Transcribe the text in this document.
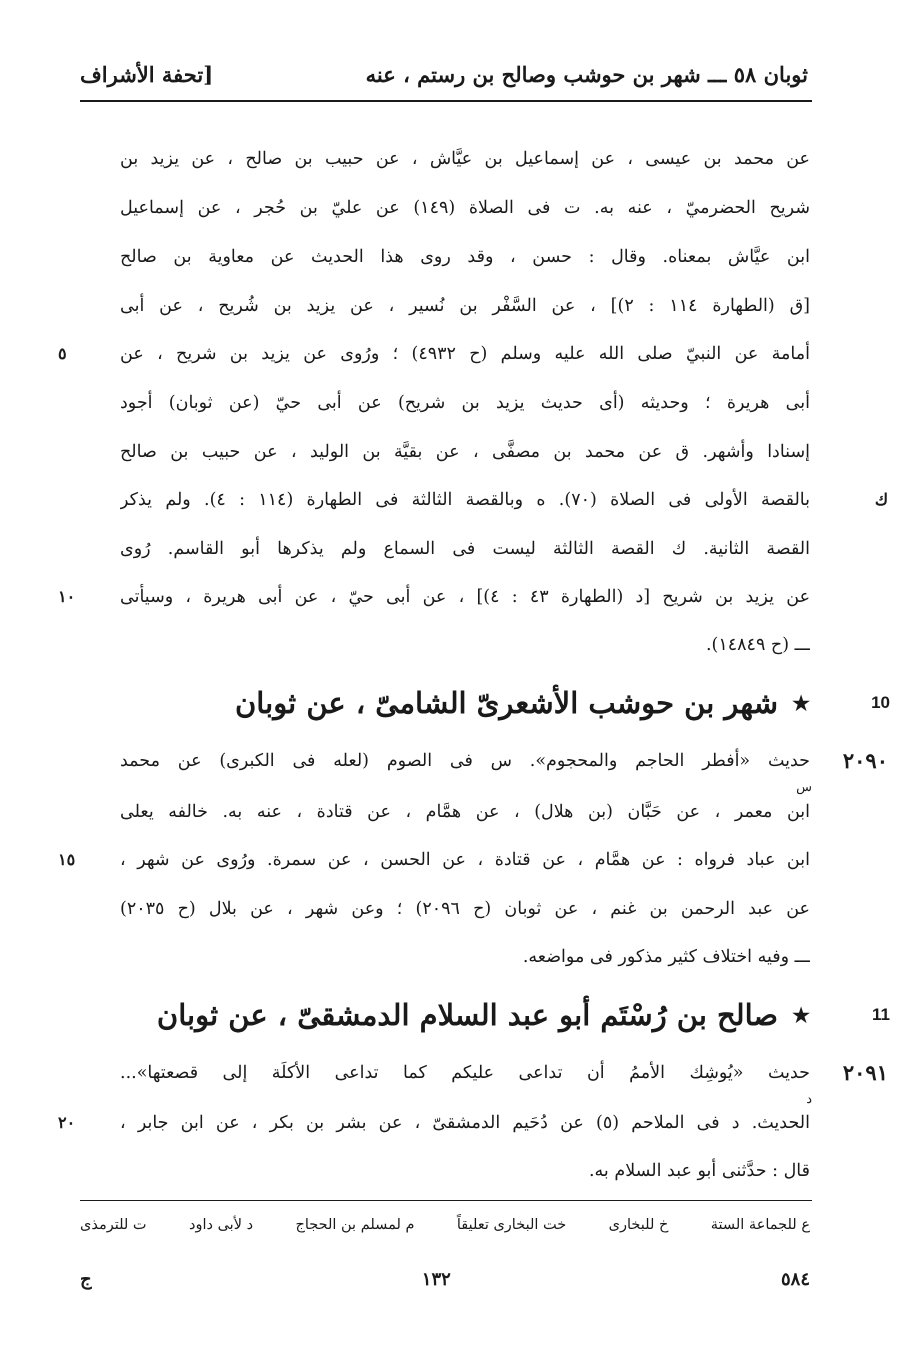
ثوبان ٥٨ ـــ شهر بن حوشب وصالح بن رستم ، عنه
[تحفة الأشراف
عن محمد بن عيسى ، عن إسماعيل بن عيَّاش ، عن حبيب بن صالح ، عن يزيد بن
شريح الحضرميّ ، عنه به. ت فى الصلاة (١٤٩) عن عليّ بن حُجر ، عن إسماعيل
ابن عيَّاش بمعناه. وقال : حسن ، وقد روى هذا الحديث عن معاوية بن صالح
[ق (الطهارة ١١٤ : ٢)] ، عن السَّفْر بن نُسير ، عن يزيد بن شُريح ، عن أبى
أمامة عن النبيّ صلى الله عليه وسلم (ح ٤٩٣٢) ؛ ورُوى عن يزيد بن شريح ، عن
أبى هريرة ؛ وحديثه (أى حديث يزيد بن شريح) عن أبى حيّ (عن ثوبان) أجود
إسنادا وأشهر. ق عن محمد بن مصفَّى ، عن بقيَّة بن الوليد ، عن حبيب بن صالح
بالقصة الأولى فى الصلاة (٧٠). ه وبالقصة الثالثة فى الطهارة (١١٤ : ٤). ولم يذكر
القصة الثانية. ك القصة الثالثة ليست فى السماع ولم يذكرها أبو القاسم. رُوى
عن يزيد بن شريح [د (الطهارة ٤٣ : ٤)] ، عن أبى حيّ ، عن أبى هريرة ، وسيأتى
ـــ (ح ١٤٨٤٩).
٥
١٠
ك
10
★
شهر بن حوشب الأشعرىّ الشامىّ ، عن ثوبان
٢٠٩٠
س
حديث «أفطر الحاجم والمحجوم». س فى الصوم (لعله فى الكبرى) عن محمد
ابن معمر ، عن حَبَّان (بن هلال) ، عن همَّام ، عن قتادة ، عنه به. خالفه يعلى
ابن عباد فرواه : عن همَّام ، عن قتادة ، عن الحسن ، عن سمرة. ورُوى عن شهر ،
عن عبد الرحمن بن غنم ، عن ثوبان (ح ٢٠٩٦) ؛ وعن شهر ، عن بلال (ح ٢٠٣٥)
ـــ وفيه اختلاف كثير مذكور فى مواضعه.
١٥
11
★
صالح بن رُسْتَم أبو عبد السلام الدمشقىّ ، عن ثوبان
٢٠٩١
د
حديث «يُوشِك الأممُ أن تداعى عليكم كما تداعى الأكلَة إلى قصعتها»...
الحديث. د فى الملاحم (٥) عن دُحَيم الدمشقىّ ، عن بشر بن بكر ، عن ابن جابر ،
قال : حدَّثنى أبو عبد السلام به.
٢٠
ع للجماعة الستة
خ للبخارى
خت البخارى تعليقاً
م لمسلم بن الحجاج
د لأبى داود
ت للترمذى
٥٨٤
١٣٢
ج
